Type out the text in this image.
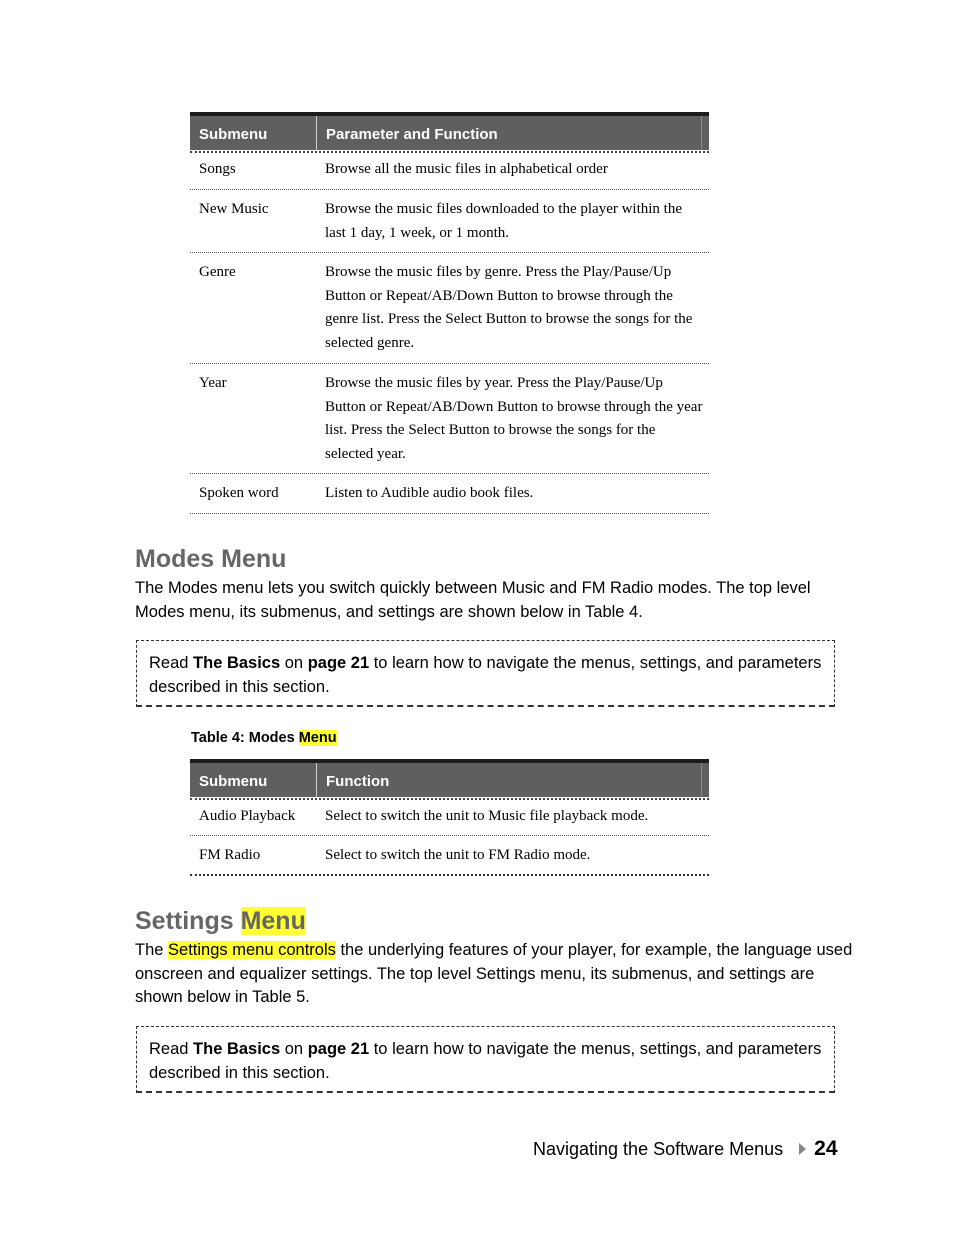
Submenu	Parameter and Function
Songs	Browse all the music files in alphabetical order
New Music	Browse the music files downloaded to the player within the last 1 day, 1 week, or 1 month.
Genre	Browse the music files by genre. Press the Play/Pause/Up Button or Repeat/AB/Down Button to browse through the genre list. Press the Select Button to browse the songs for the selected genre.
Year	Browse the music files by year. Press the Play/Pause/Up Button or Repeat/AB/Down Button to browse through the year list. Press the Select Button to browse the songs for the selected year.
Spoken word	Listen to Audible audio book files.
Modes Menu

The Modes menu lets you switch quickly between Music and FM Radio modes. The top level Modes menu, its submenus, and settings are shown below in Table 4.

Read The Basics on page 21 to learn how to navigate the menus, settings, and parameters described in this section.

Table 4: Modes Menu

Submenu	Function
Audio Playback	Select to switch the unit to Music file playback mode.
FM Radio	Select to switch the unit to FM Radio mode.
Settings Menu

The Settings menu controls the underlying features of your player, for example, the language used onscreen and equalizer settings. The top level Settings menu, its submenus, and settings are shown below in Table 5.

Read The Basics on page 21 to learn how to navigate the menus, settings, and parameters described in this section.
Navigating the Software Menus 24
